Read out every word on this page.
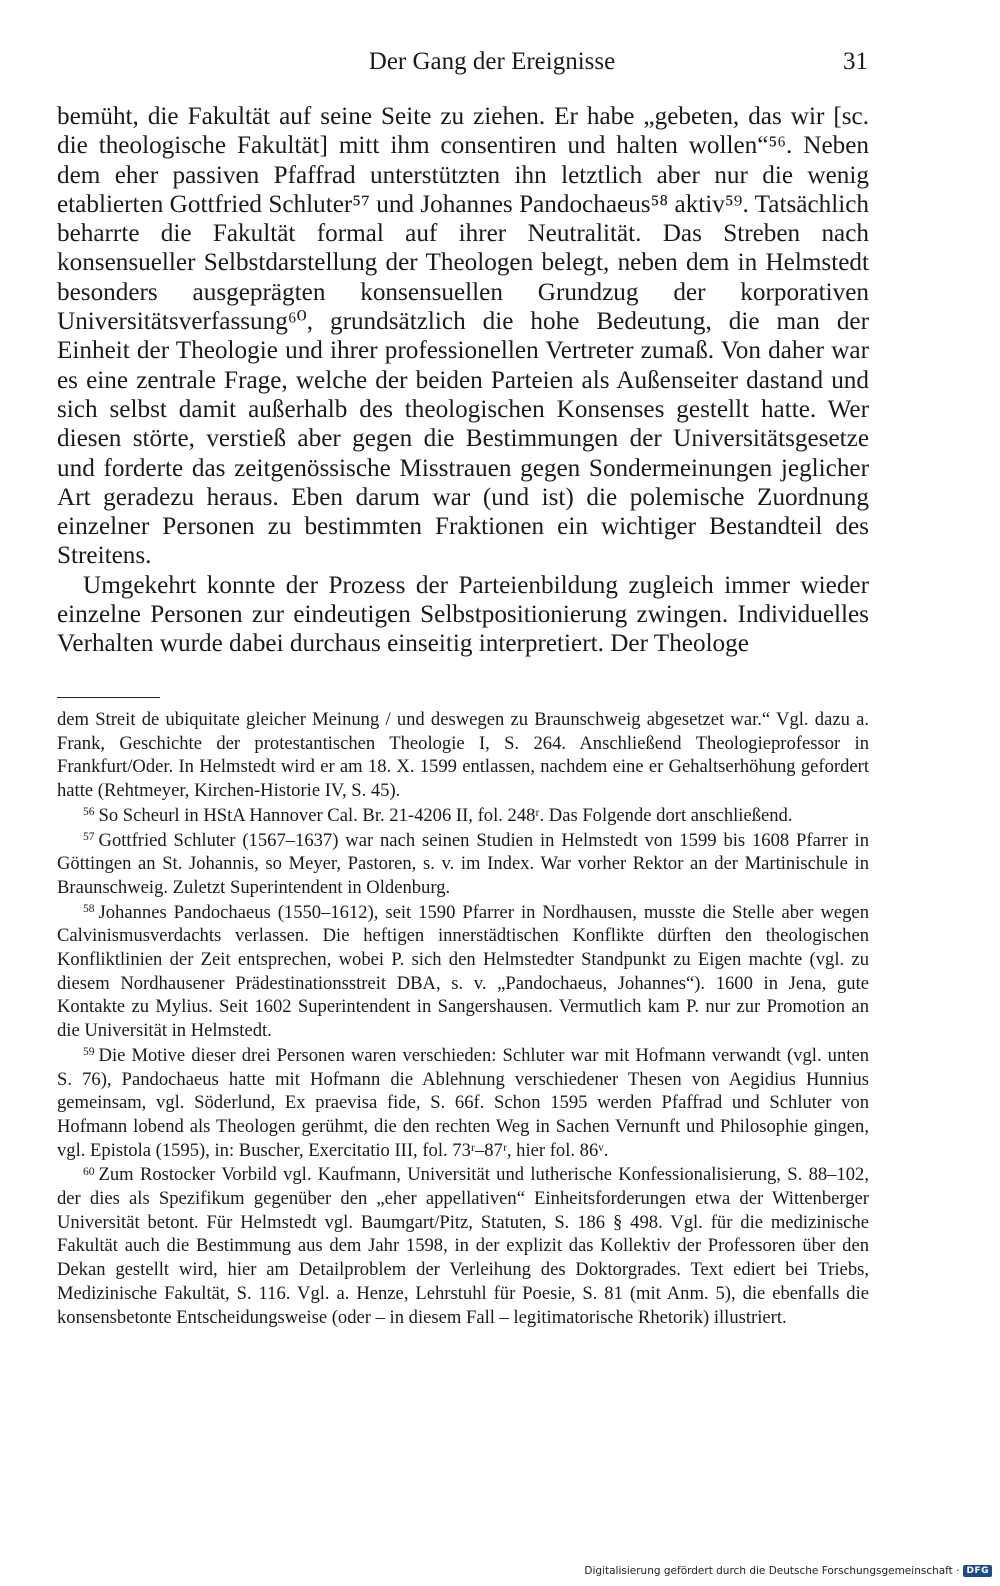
Der Gang der Ereignisse	31

bemüht, die Fakultät auf seine Seite zu ziehen. Er habe „gebeten, das wir [sc. die theologische Fakultät] mitt ihm consentiren und halten wollen“⁵⁶. Neben dem eher passiven Pfaffrad unterstützten ihn letztlich aber nur die wenig etablierten Gottfried Schluter⁵⁷ und Johannes Pandochaeus⁵⁸ aktiv⁵⁹. Tatsächlich beharrte die Fakultät formal auf ihrer Neutralität. Das Streben nach konsensueller Selbstdarstellung der Theologen belegt, neben dem in Helmstedt besonders ausgeprägten konsensuellen Grundzug der korporativen Universitätsverfassung⁶⁰, grundsätzlich die hohe Bedeutung, die man der Einheit der Theologie und ihrer professionellen Vertreter zumaß. Von daher war es eine zentrale Frage, welche der beiden Parteien als Außenseiter dastand und sich selbst damit außerhalb des theologischen Konsenses gestellt hatte. Wer diesen störte, verstieß aber gegen die Bestimmungen der Universitätsgesetze und forderte das zeitgenössische Misstrauen gegen Sondermeinungen jeglicher Art geradezu heraus. Eben darum war (und ist) die polemische Zuordnung einzelner Personen zu bestimmten Fraktionen ein wichtiger Bestandteil des Streitens.

Umgekehrt konnte der Prozess der Parteienbildung zugleich immer wieder einzelne Personen zur eindeutigen Selbstpositionierung zwingen. Individuelles Verhalten wurde dabei durchaus einseitig interpretiert. Der Theologe

dem Streit de ubiquitate gleicher Meinung / und deswegen zu Braunschweig abgesetzet war.“ Vgl. dazu a. Frank, Geschichte der protestantischen Theologie I, S. 264. Anschließend Theologieprofessor in Frankfurt/Oder. In Helmstedt wird er am 18. X. 1599 entlassen, nachdem eine er Gehaltserhöhung gefordert hatte (Rehtmeyer, Kirchen-Historie IV, S. 45).

$^{56}$ So Scheurl in HStA Hannover Cal. Br. 21-4206 II, fol. 248ʳ. Das Folgende dort anschließend.

$^{57}$ Gottfried Schluter (1567–1637) war nach seinen Studien in Helmstedt von 1599 bis 1608 Pfarrer in Göttingen an St. Johannis, so Meyer, Pastoren, s. v. im Index. War vorher Rektor an der Martinischule in Braunschweig. Zuletzt Superintendent in Oldenburg.

$^{58}$ Johannes Pandochaeus (1550–1612), seit 1590 Pfarrer in Nordhausen, musste die Stelle aber wegen Calvinismusverdachts verlassen. Die heftigen innerstädtischen Konflikte dürften den theologischen Konfliktlinien der Zeit entsprechen, wobei P. sich den Helmstedter Standpunkt zu Eigen machte (vgl. zu diesem Nordhausener Prädestinationsstreit DBA, s. v. „Pandochaeus, Johannes“). 1600 in Jena, gute Kontakte zu Mylius. Seit 1602 Superintendent in Sangershausen. Vermutlich kam P. nur zur Promotion an die Universität in Helmstedt.

$^{59}$ Die Motive dieser drei Personen waren verschieden: Schluter war mit Hofmann verwandt (vgl. unten S. 76), Pandochaeus hatte mit Hofmann die Ablehnung verschiedener Thesen von Aegidius Hunnius gemeinsam, vgl. Söderlund, Ex praevisa fide, S. 66f. Schon 1595 werden Pfaffrad und Schluter von Hofmann lobend als Theologen gerühmt, die den rechten Weg in Sachen Vernunft und Philosophie gingen, vgl. Epistola (1595), in: Buscher, Exercitatio III, fol. 73ʳ–87ʳ, hier fol. 86ᵛ.

$^{60}$ Zum Rostocker Vorbild vgl. Kaufmann, Universität und lutherische Konfessionalisierung, S. 88–102, der dies als Spezifikum gegenüber den „eher appellativen“ Einheitsforderungen etwa der Wittenberger Universität betont. Für Helmstedt vgl. Baumgart/Pitz, Statuten, S. 186 § 498. Vgl. für die medizinische Fakultät auch die Bestimmung aus dem Jahr 1598, in der explizit das Kollektiv der Professoren über den Dekan gestellt wird, hier am Detailproblem der Verleihung des Doktorgrades. Text ediert bei Triebs, Medizinische Fakultät, S. 116. Vgl. a. Henze, Lehrstuhl für Poesie, S. 81 (mit Anm. 5), die ebenfalls die konsensbetonte Entscheidungsweise (oder – in diesem Fall – legitimatorische Rhetorik) illustriert.

Digitalisierung gefördert durch die Deutsche Forschungsgemeinschaft · DFG
